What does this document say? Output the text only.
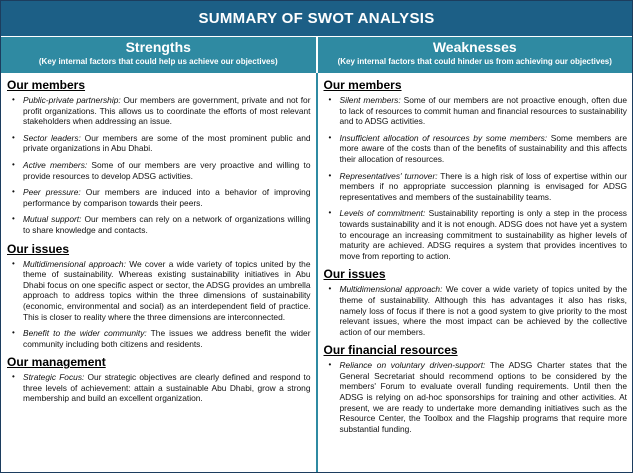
SUMMARY OF SWOT ANALYSIS
Strengths
(Key internal factors that could help us achieve our objectives)
Weaknesses
(Key internal factors that could hinder us from achieving our objectives)
Our members
• Public-private partnership: Our members are government, private and not for profit organizations. This allows us to coordinate the efforts of most relevant stakeholders when addressing an issue.
• Sector leaders: Our members are some of the most prominent public and private organizations in Abu Dhabi.
• Active members: Some of our members are very proactive and willing to provide resources to develop ADSG activities.
• Peer pressure: Our members are induced into a behavior of improving performance by comparison towards their peers.
• Mutual support: Our members can rely on a network of organizations willing to share knowledge and contacts.
Our issues
• Multidimensional approach: We cover a wide variety of topics united by the theme of sustainability. Whereas existing sustainability initiatives in Abu Dhabi focus on one specific aspect or sector, the ADSG provides an umbrella approach to address topics within the three dimensions of sustainability (economic, environmental and social) as an interdependent field of practice. This is closer to reality where the three dimensions are interconnected.
• Benefit to the wider community: The issues we address benefit the wider community including both citizens and residents.
Our management
• Strategic Focus: Our strategic objectives are clearly defined and respond to three levels of achievement: attain a sustainable Abu Dhabi, grow a strong membership and build an excellent organization.
Our members
• Silent members: Some of our members are not proactive enough, often due to lack of resources to commit human and financial resources to sustainability and to ADSG activities.
• Insufficient allocation of resources by some members: Some members are more aware of the costs than of the benefits of sustainability and this affects their allocation of resources.
• Representatives' turnover: There is a high risk of loss of expertise within our members if no appropriate succession planning is envisaged for ADSG representatives and members of the sustainability teams.
• Levels of commitment: Sustainability reporting is only a step in the process towards sustainability and it is not enough. ADSG does not have yet a system to encourage an increasing commitment to sustainability as higher levels of maturity are achieved. ADSG requires a system that provides incentives to move from reporting to action.
Our issues
• Multidimensional approach: We cover a wide variety of topics united by the theme of sustainability. Although this has advantages it also has risks, namely loss of focus if there is not a good system to give priority to the most relevant issues, where the most impact can be achieved by the collective action of our members.
Our financial resources
• Reliance on voluntary driven-support: The ADSG Charter states that the General Secretariat should recommend options to be considered by the members' Forum to evaluate overall funding requirements. Until then the ADSG is relying on ad-hoc sponsorships for training and other activities. At present, we are ready to undertake more demanding initiatives such as the Resource Center, the Toolbox and the Flagship programs that require more substantial funding.
